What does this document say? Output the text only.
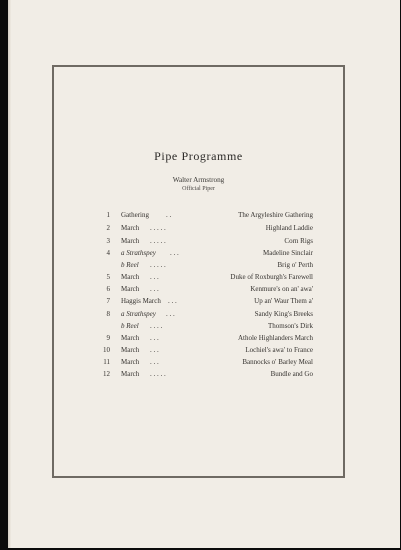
Pipe Programme
Walter Armstrong
Official Piper
1 Gathering . .	The Argyleshire Gathering
2 March . . . . .	Highland Laddie
3 March . . . . .	Corn Rigs
4 a Strathspey . . .	Madeline Sinclair
b Reel . . . . .	Brig o' Perth
5 March . . .	Duke of Roxburgh's Farewell
6 March . . .	Kenmure's on an' awa'
7 Haggis March . . .	Up an' Waur Them a'
8 a Strathspey . . .	Sandy King's Breeks
b Reel . . . .	Thomson's Dirk
9 March . . .	Athole Highlanders March
10 March . . .	Lochiel's awa' to France
11 March . . .	Bannocks o' Barley Meal
12 March . . . . .	Bundle and Go
